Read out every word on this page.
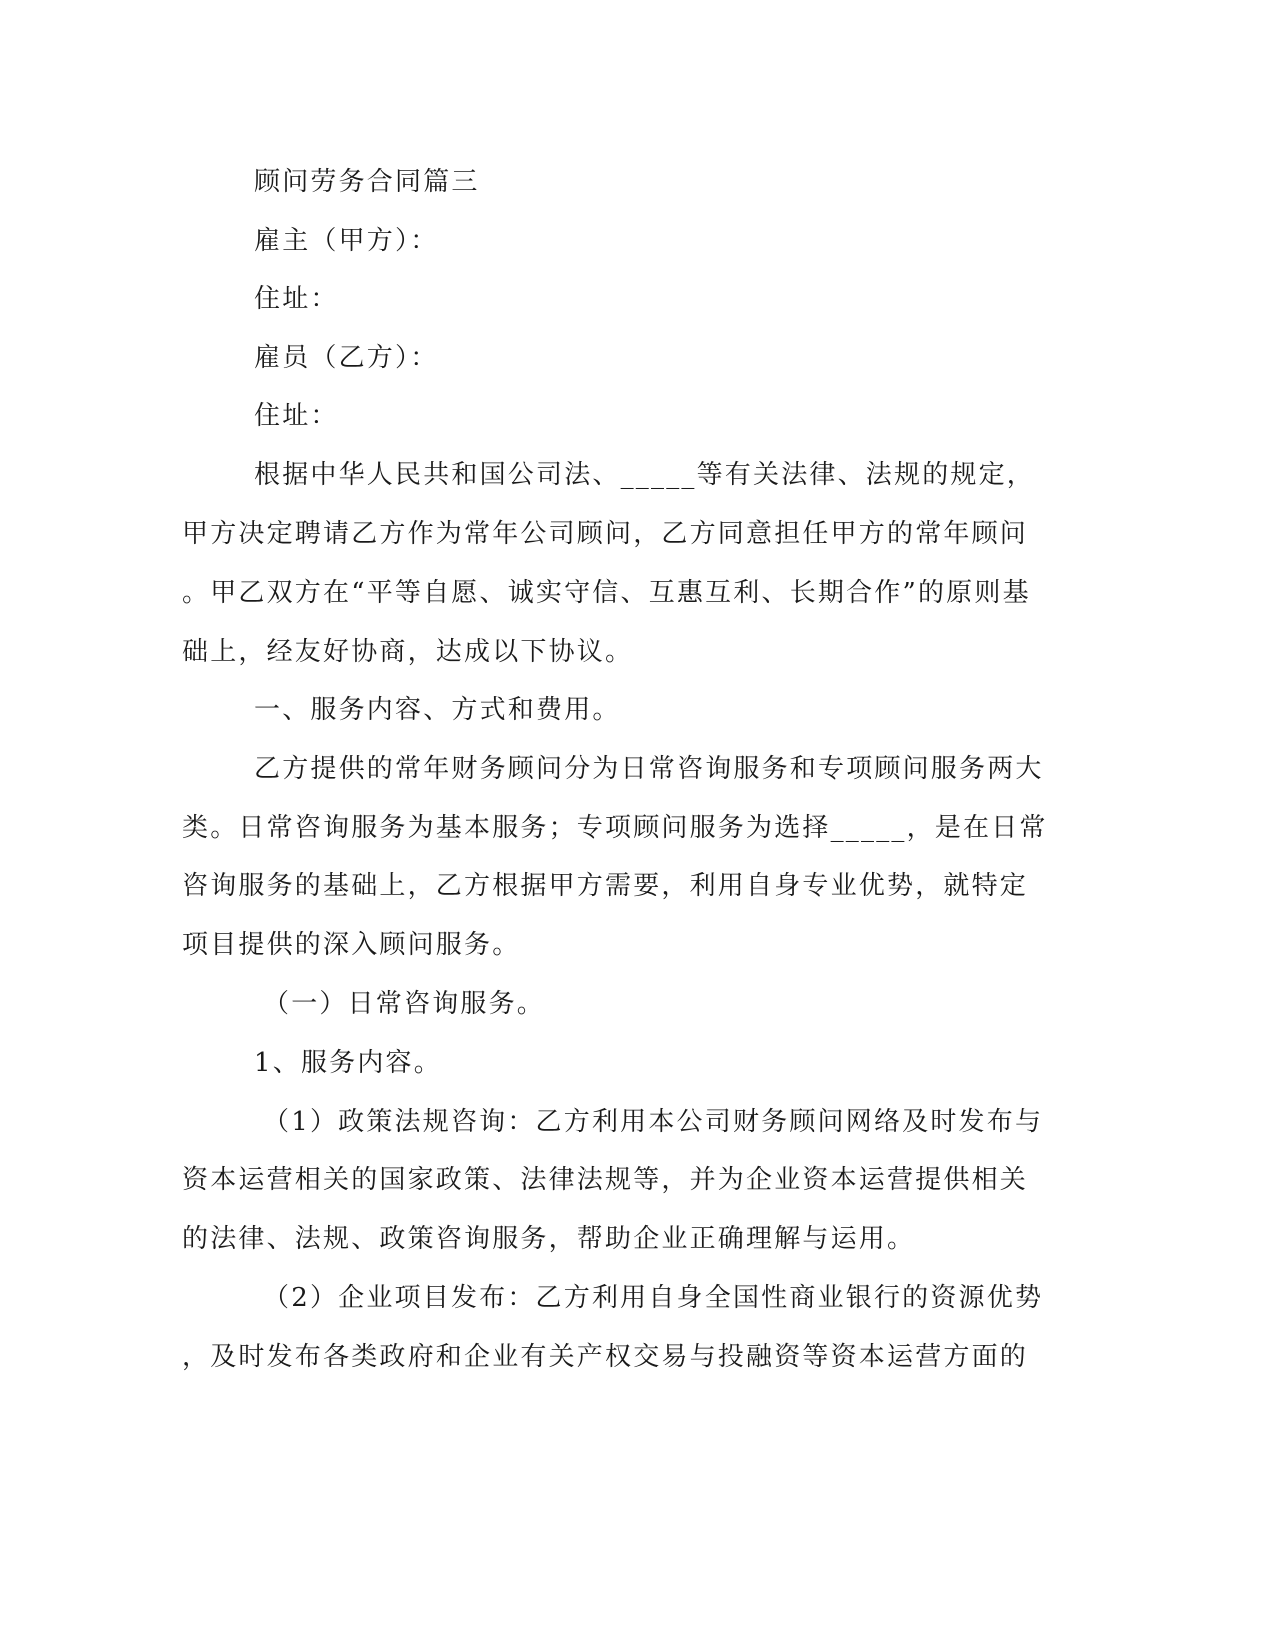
顾问劳务合同篇三
雇主（甲方）：
住址：
雇员（乙方）：
住址：
根据中华人民共和国公司法、_____等有关法律、法规的规定，
甲方决定聘请乙方作为常年公司顾问，乙方同意担任甲方的常年顾问
。甲乙双方在“平等自愿、诚实守信、互惠互利、长期合作”的原则基
础上，经友好协商，达成以下协议。
一、服务内容、方式和费用。
乙方提供的常年财务顾问分为日常咨询服务和专项顾问服务两大
类。日常咨询服务为基本服务；专项顾问服务为选择_____，是在日常
咨询服务的基础上，乙方根据甲方需要，利用自身专业优势，就特定
项目提供的深入顾问服务。
（一）日常咨询服务。
1、服务内容。
（1）政策法规咨询：乙方利用本公司财务顾问网络及时发布与
资本运营相关的国家政策、法律法规等，并为企业资本运营提供相关
的法律、法规、政策咨询服务，帮助企业正确理解与运用。
（2）企业项目发布：乙方利用自身全国性商业银行的资源优势
，及时发布各类政府和企业有关产权交易与投融资等资本运营方面的
